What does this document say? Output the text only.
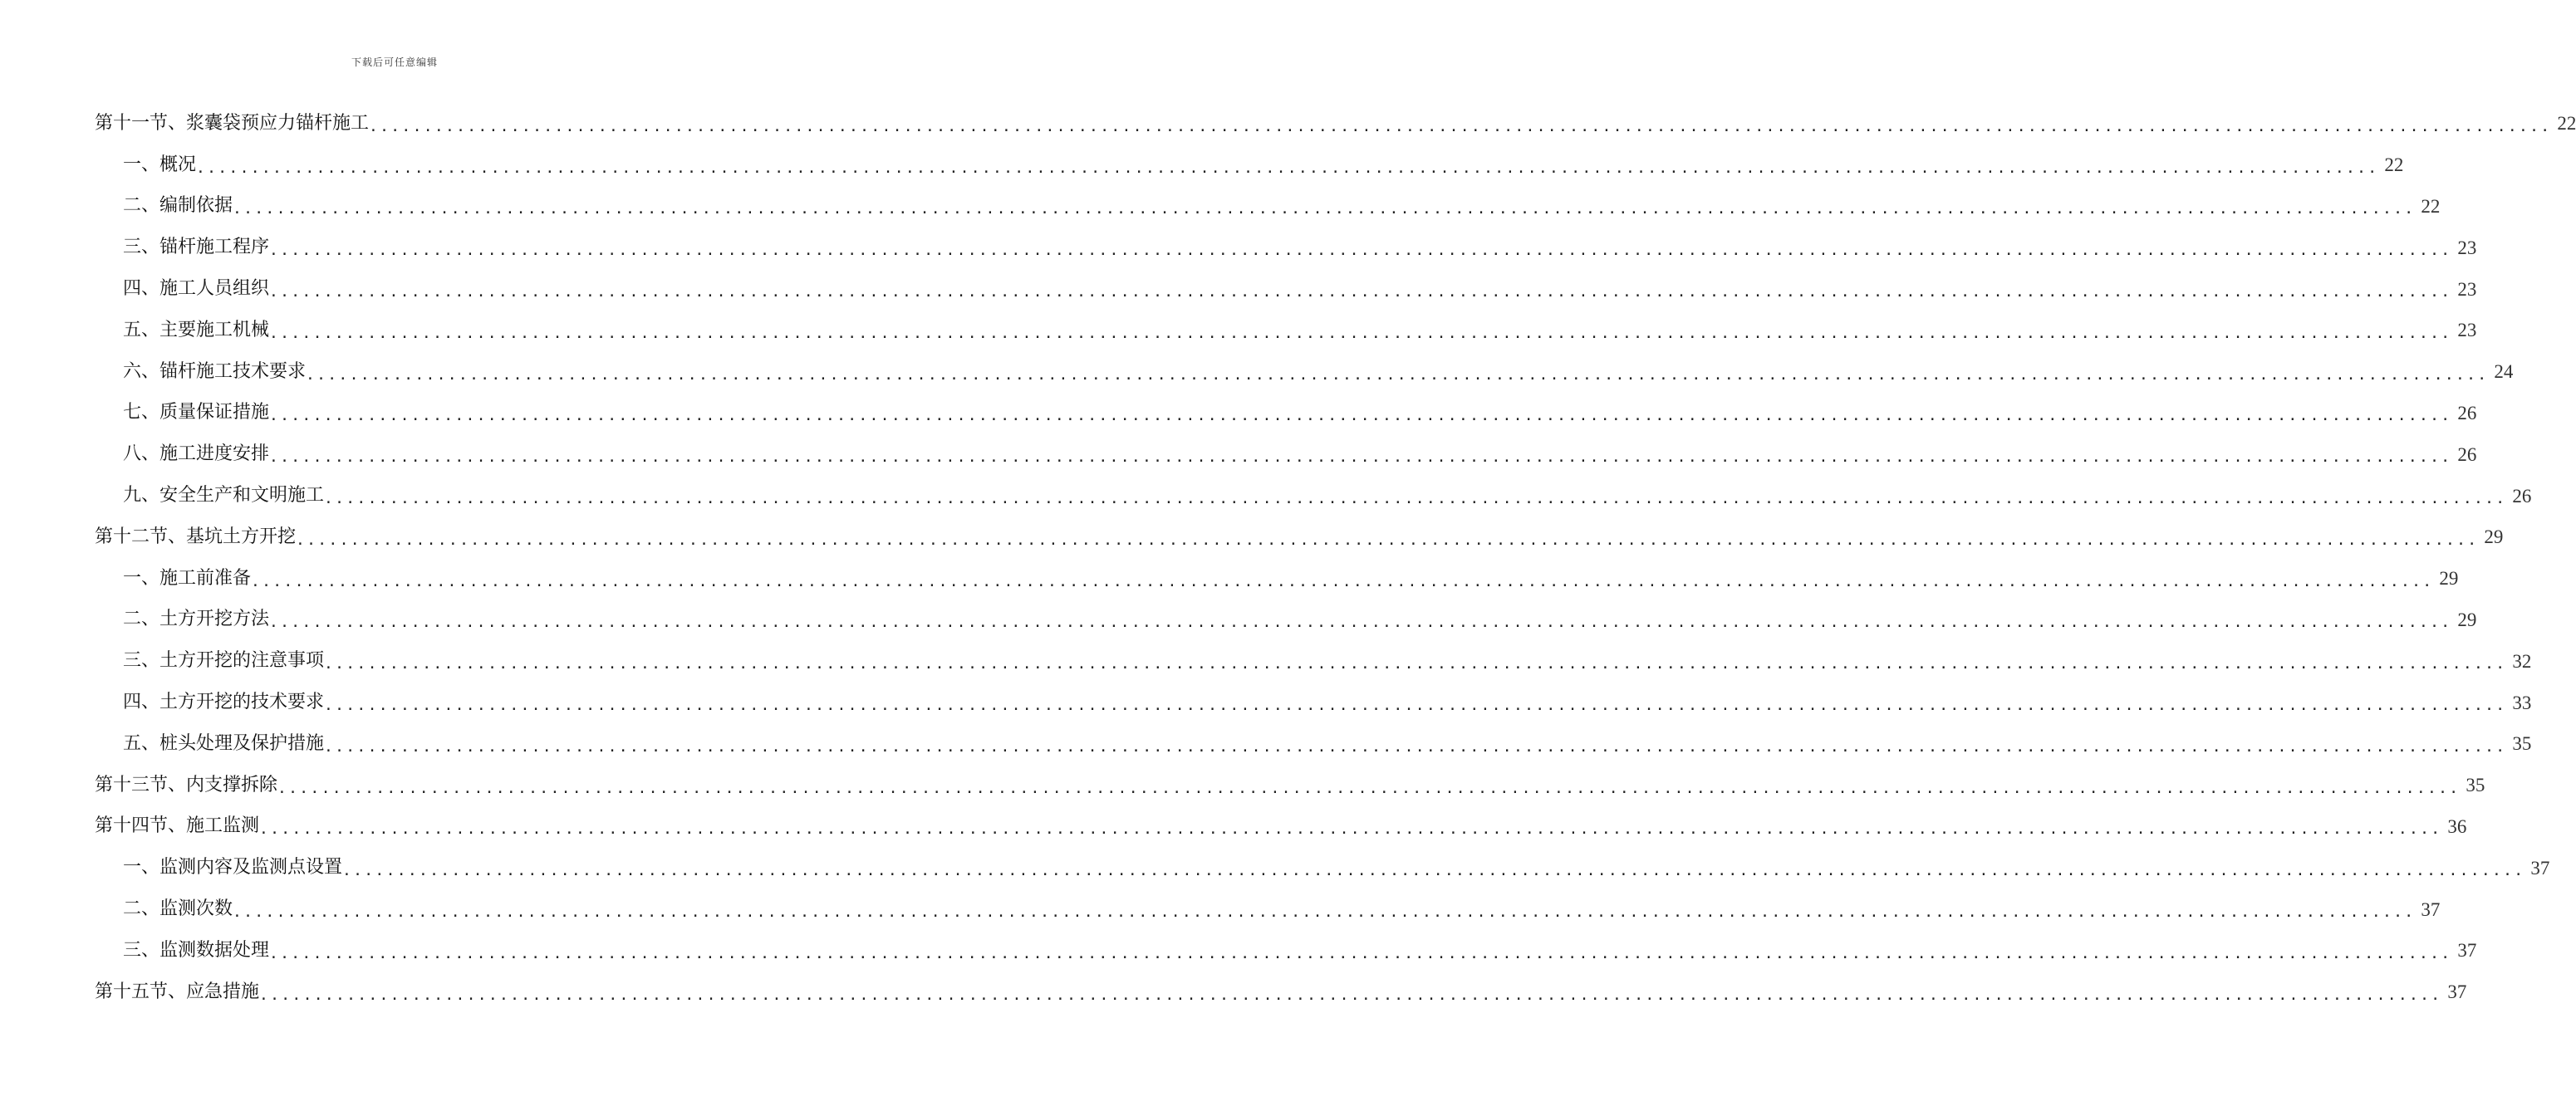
下载后可任意编辑
第十一节、浆囊袋预应力锚杆施工 ........................................................................................................................................................................................................ 22
一、概况 ........................................................................................................................................................................................................ 22
二、编制依据 ........................................................................................................................................................................................................ 22
三、锚杆施工程序 ........................................................................................................................................................................................................ 23
四、施工人员组织 ........................................................................................................................................................................................................ 23
五、主要施工机械 ........................................................................................................................................................................................................ 23
六、锚杆施工技术要求 ........................................................................................................................................................................................................ 24
七、质量保证措施 ........................................................................................................................................................................................................ 26
八、施工进度安排 ........................................................................................................................................................................................................ 26
九、安全生产和文明施工 ........................................................................................................................................................................................................ 26
第十二节、基坑土方开挖 ........................................................................................................................................................................................................ 29
一、施工前准备 ........................................................................................................................................................................................................ 29
二、土方开挖方法 ........................................................................................................................................................................................................ 29
三、土方开挖的注意事项 ........................................................................................................................................................................................................ 32
四、土方开挖的技术要求 ........................................................................................................................................................................................................ 33
五、桩头处理及保护措施 ........................................................................................................................................................................................................ 35
第十三节、内支撑拆除 ........................................................................................................................................................................................................ 35
第十四节、施工监测 ........................................................................................................................................................................................................ 36
一、监测内容及监测点设置 ........................................................................................................................................................................................................ 37
二、监测次数 ........................................................................................................................................................................................................ 37
三、监测数据处理 ........................................................................................................................................................................................................ 37
第十五节、应急措施 ........................................................................................................................................................................................................ 37
